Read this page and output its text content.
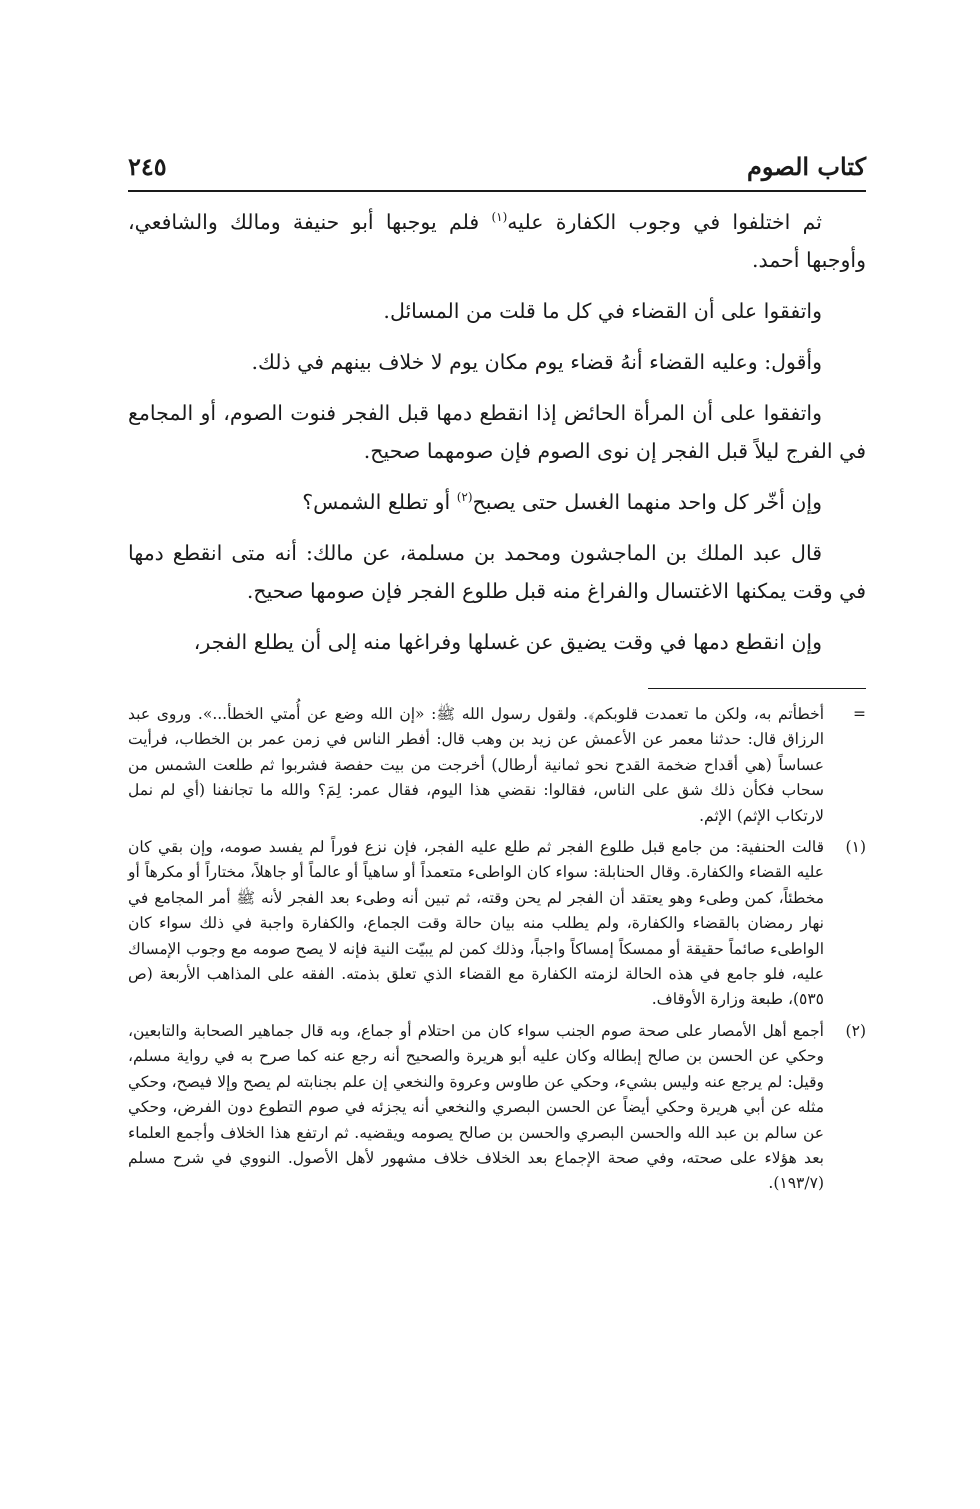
كتاب الصوم
٢٤٥

ثم اختلفوا في وجوب الكفارة عليه$^{(١)}$ فلم يوجبها أبو حنيفة ومالك والشافعي، وأوجبها أحمد.

واتفقوا على أن القضاء في كل ما قلت من المسائل.

وأقول: وعليه القضاء أنهُ قضاء يوم مكان يوم لا خلاف بينهم في ذلك.

واتفقوا على أن المرأة الحائض إذا انقطع دمها قبل الفجر فنوت الصوم، أو المجامع في الفرج ليلاً قبل الفجر إن نوى الصوم فإن صومهما صحيح.

وإن أخّر كل واحد منهما الغسل حتى يصبح$^{(٢)}$ أو تطلع الشمس؟

قال عبد الملك بن الماجشون ومحمد بن مسلمة، عن مالك: أنه متى انقطع دمها في وقت يمكنها الاغتسال والفراغ منه قبل طلوع الفجر فإن صومها صحيح.

وإن انقطع دمها في وقت يضيق عن غسلها وفراغها منه إلى أن يطلع الفجر،

=
أخطأتم به، ولكن ما تعمدت قلوبكم﴾. ولقول رسول الله ﷺ: «إن الله وضع عن أُمتي الخطأ...». وروى عبد الرزاق قال: حدثنا معمر عن الأعمش عن زيد بن وهب قال: أفطر الناس في زمن عمر بن الخطاب، فرأيت عساساً (هي أقداح ضخمة القدح نحو ثمانية أرطال) أخرجت من بيت حفصة فشربوا ثم طلعت الشمس من سحاب فكأن ذلك شق على الناس، فقالوا: نقضي هذا اليوم، فقال عمر: لِمَ؟ والله ما تجانفنا (أي لم نمل لارتكاب الإثم) الإثم.
(١)
قالت الحنفية: من جامع قبل طلوع الفجر ثم طلع عليه الفجر، فإن نزع فوراً لم يفسد صومه، وإن بقي كان عليه القضاء والكفارة. وقال الحنابلة: سواء كان الواطىء متعمداً أو ساهياً أو عالماً أو جاهلاً، مختاراً أو مكرهاً أو مخطئاً، كمن وطىء وهو يعتقد أن الفجر لم يحن وقته، ثم تبين أنه وطىء بعد الفجر لأنه ﷺ أمر المجامع في نهار رمضان بالقضاء والكفارة، ولم يطلب منه بيان حالة وقت الجماع، والكفارة واجبة في ذلك سواء كان الواطىء صائماً حقيقة أو ممسكاً إمساكاً واجباً، وذلك كمن لم يبيّت النية فإنه لا يصح صومه مع وجوب الإمساك عليه، فلو جامع في هذه الحالة لزمته الكفارة مع القضاء الذي تعلق بذمته. الفقه على المذاهب الأربعة (ص ٥٣٥)، طبعة وزارة الأوقاف.
(٢)
أجمع أهل الأمصار على صحة صوم الجنب سواء كان من احتلام أو جماع، وبه قال جماهير الصحابة والتابعين، وحكي عن الحسن بن صالح إبطاله وكان عليه أبو هريرة والصحيح أنه رجع عنه كما صرح به في رواية مسلم، وقيل: لم يرجع عنه وليس بشيء، وحكي عن طاوس وعروة والنخعي إن علم بجنابته لم يصح وإلا فيصح، وحكي مثله عن أبي هريرة وحكي أيضاً عن الحسن البصري والنخعي أنه يجزئه في صوم التطوع دون الفرض، وحكي عن سالم بن عبد الله والحسن البصري والحسن بن صالح يصومه ويقضيه. ثم ارتفع هذا الخلاف وأجمع العلماء بعد هؤلاء على صحته، وفي صحة الإجماع بعد الخلاف خلاف مشهور لأهل الأصول. النووي في شرح مسلم (١٩٣/٧).
